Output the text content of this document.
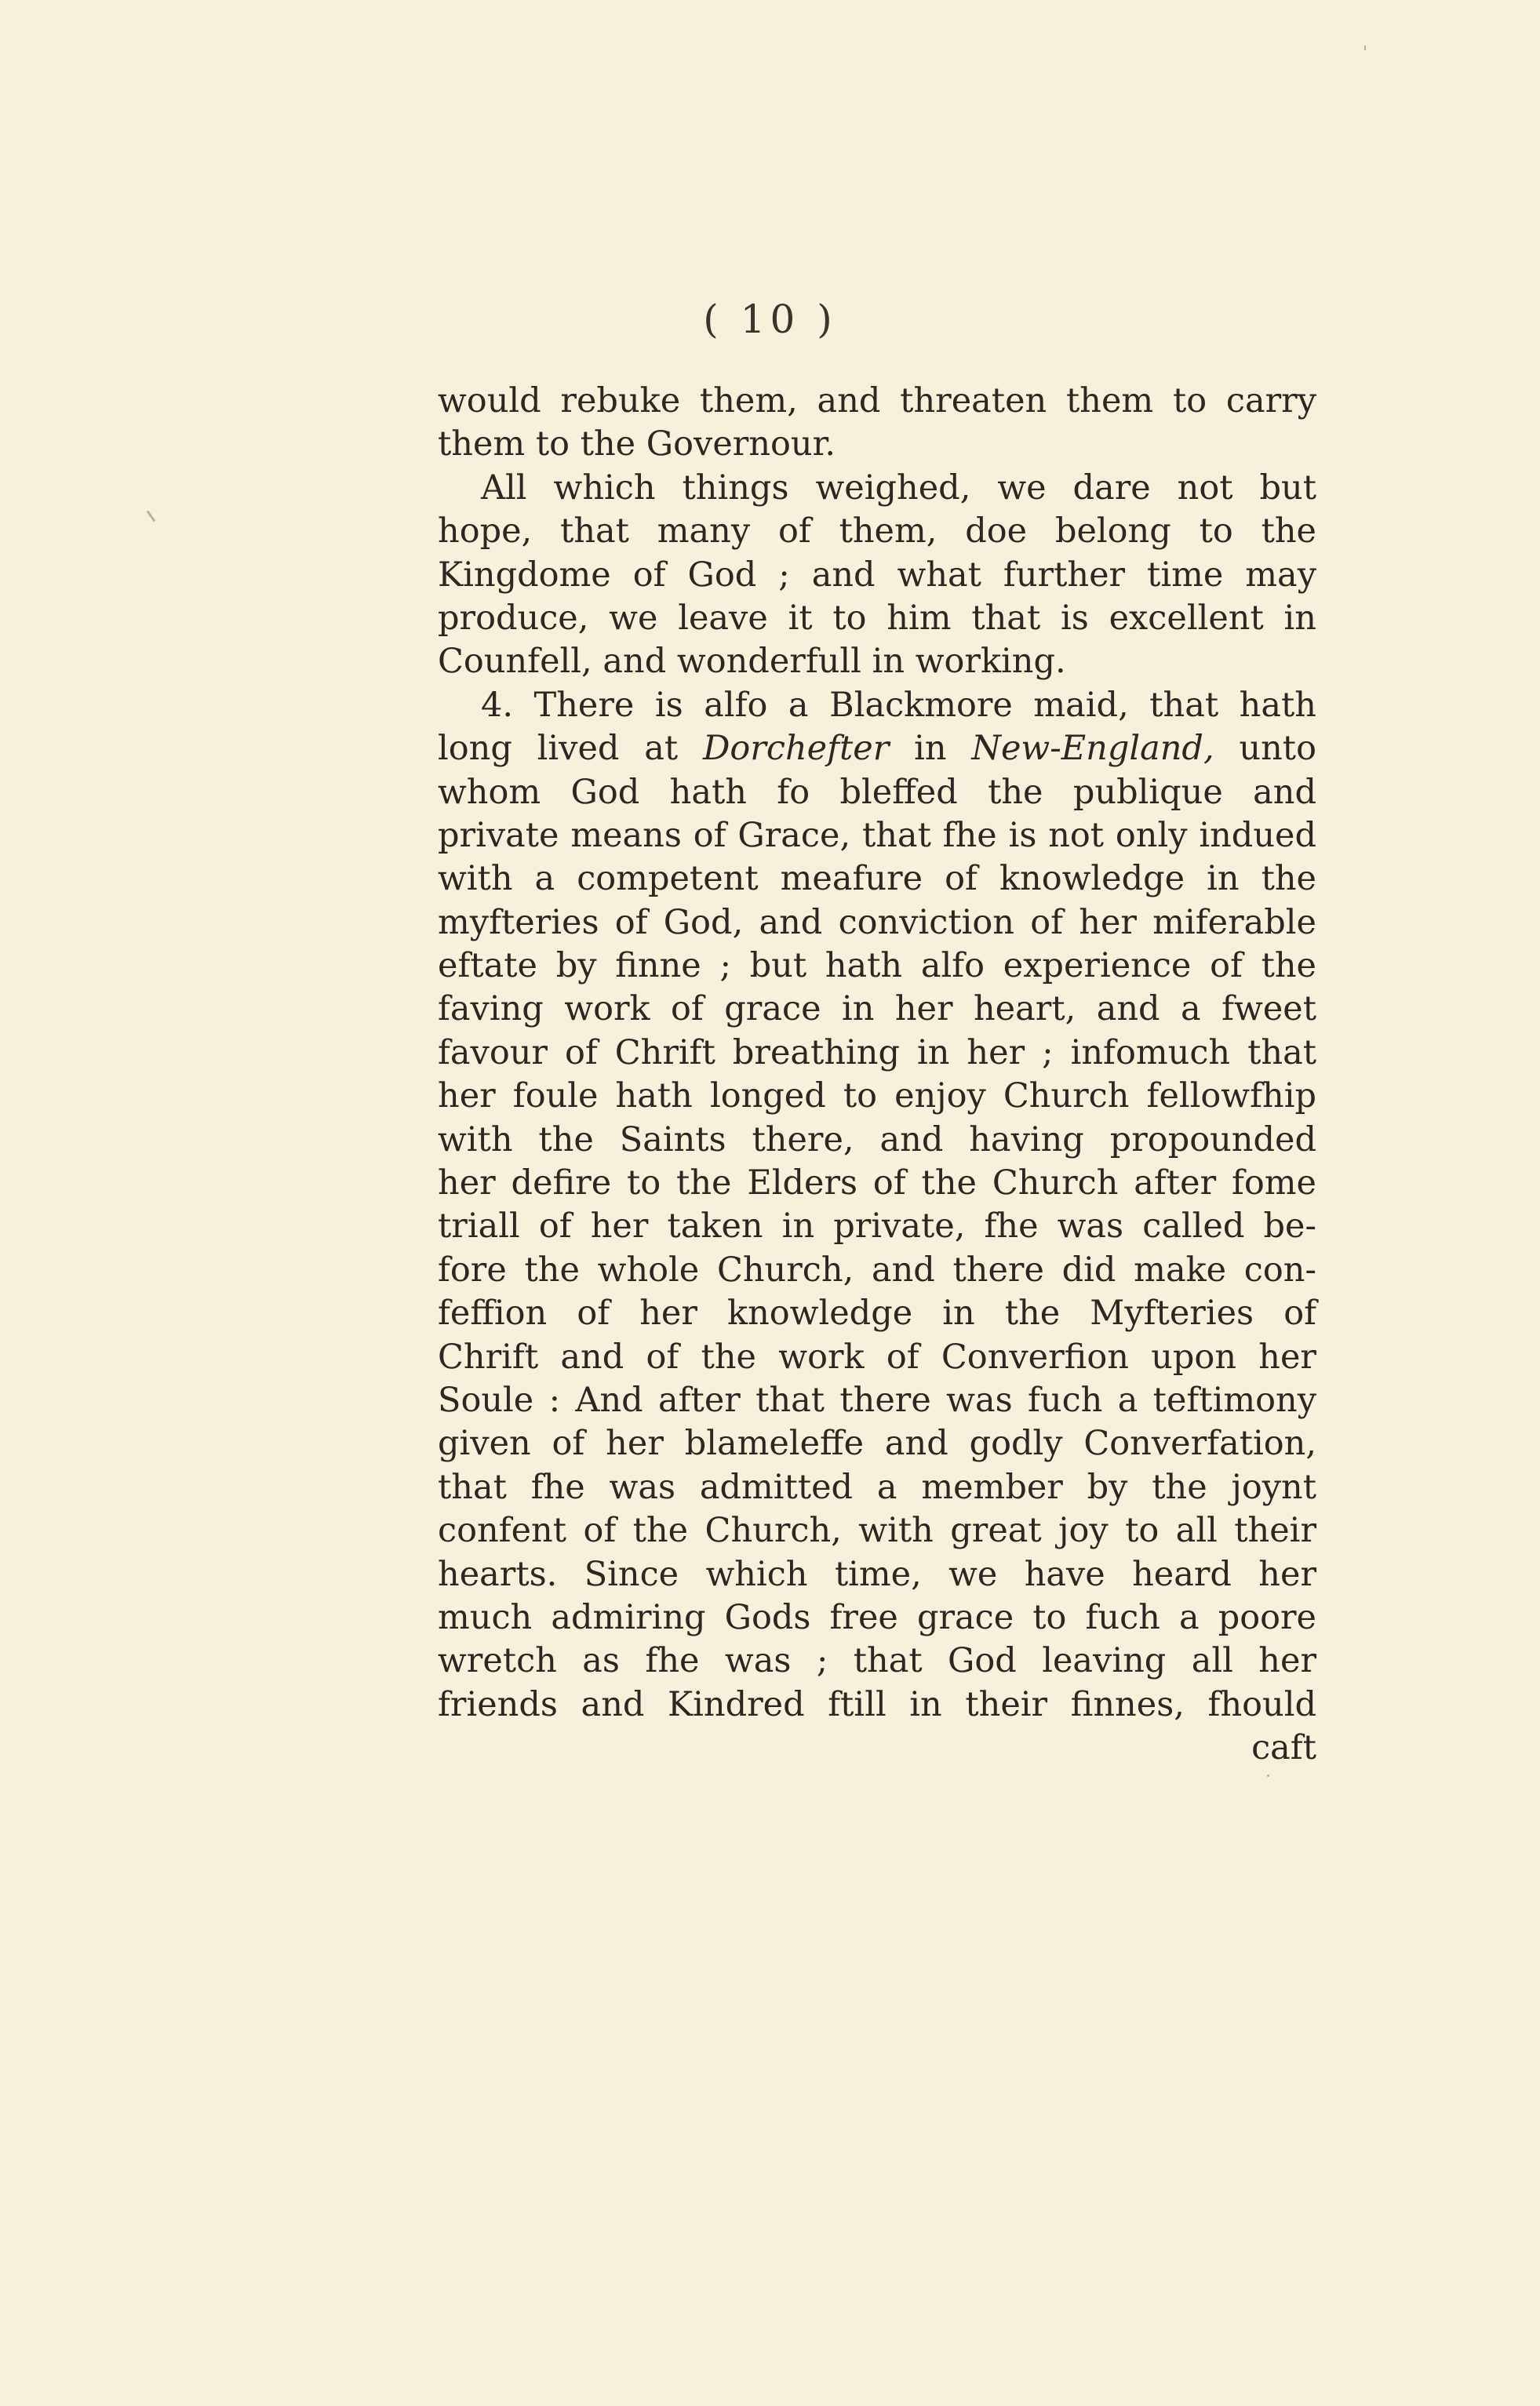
( 10 )
would rebuke them, and threaten them to carry
them to the Governour.
All which things weighed, we dare not but
hope, that many of them, doe belong to the
Kingdome of God ; and what further time may
produce, we leave it to him that is excellent in
Counfell, and wonderfull in working.
4. There is alfo a Blackmore maid, that hath
long lived at Dorchefter in New-England, unto
whom God hath fo bleffed the publique and
private means of Grace, that fhe is not only indued
with a competent meafure of knowledge in the
myfteries of God, and conviction of her miferable
eftate by finne ; but hath alfo experience of the
faving work of grace in her heart, and a fweet
favour of Chrift breathing in her ; infomuch that
her foule hath longed to enjoy Church fellowfhip
with the Saints there, and having propounded
her defire to the Elders of the Church after fome
triall of her taken in private, fhe was called be-
fore the whole Church, and there did make con-
feffion of her knowledge in the Myfteries of
Chrift and of the work of Converfion upon her
Soule : And after that there was fuch a teftimony
given of her blameleffe and godly Converfation,
that fhe was admitted a member by the joynt
confent of the Church, with great joy to all their
hearts. Since which time, we have heard her
much admiring Gods free grace to fuch a poore
wretch as fhe was ; that God leaving all her
friends and Kindred ftill in their finnes, fhould
caft
